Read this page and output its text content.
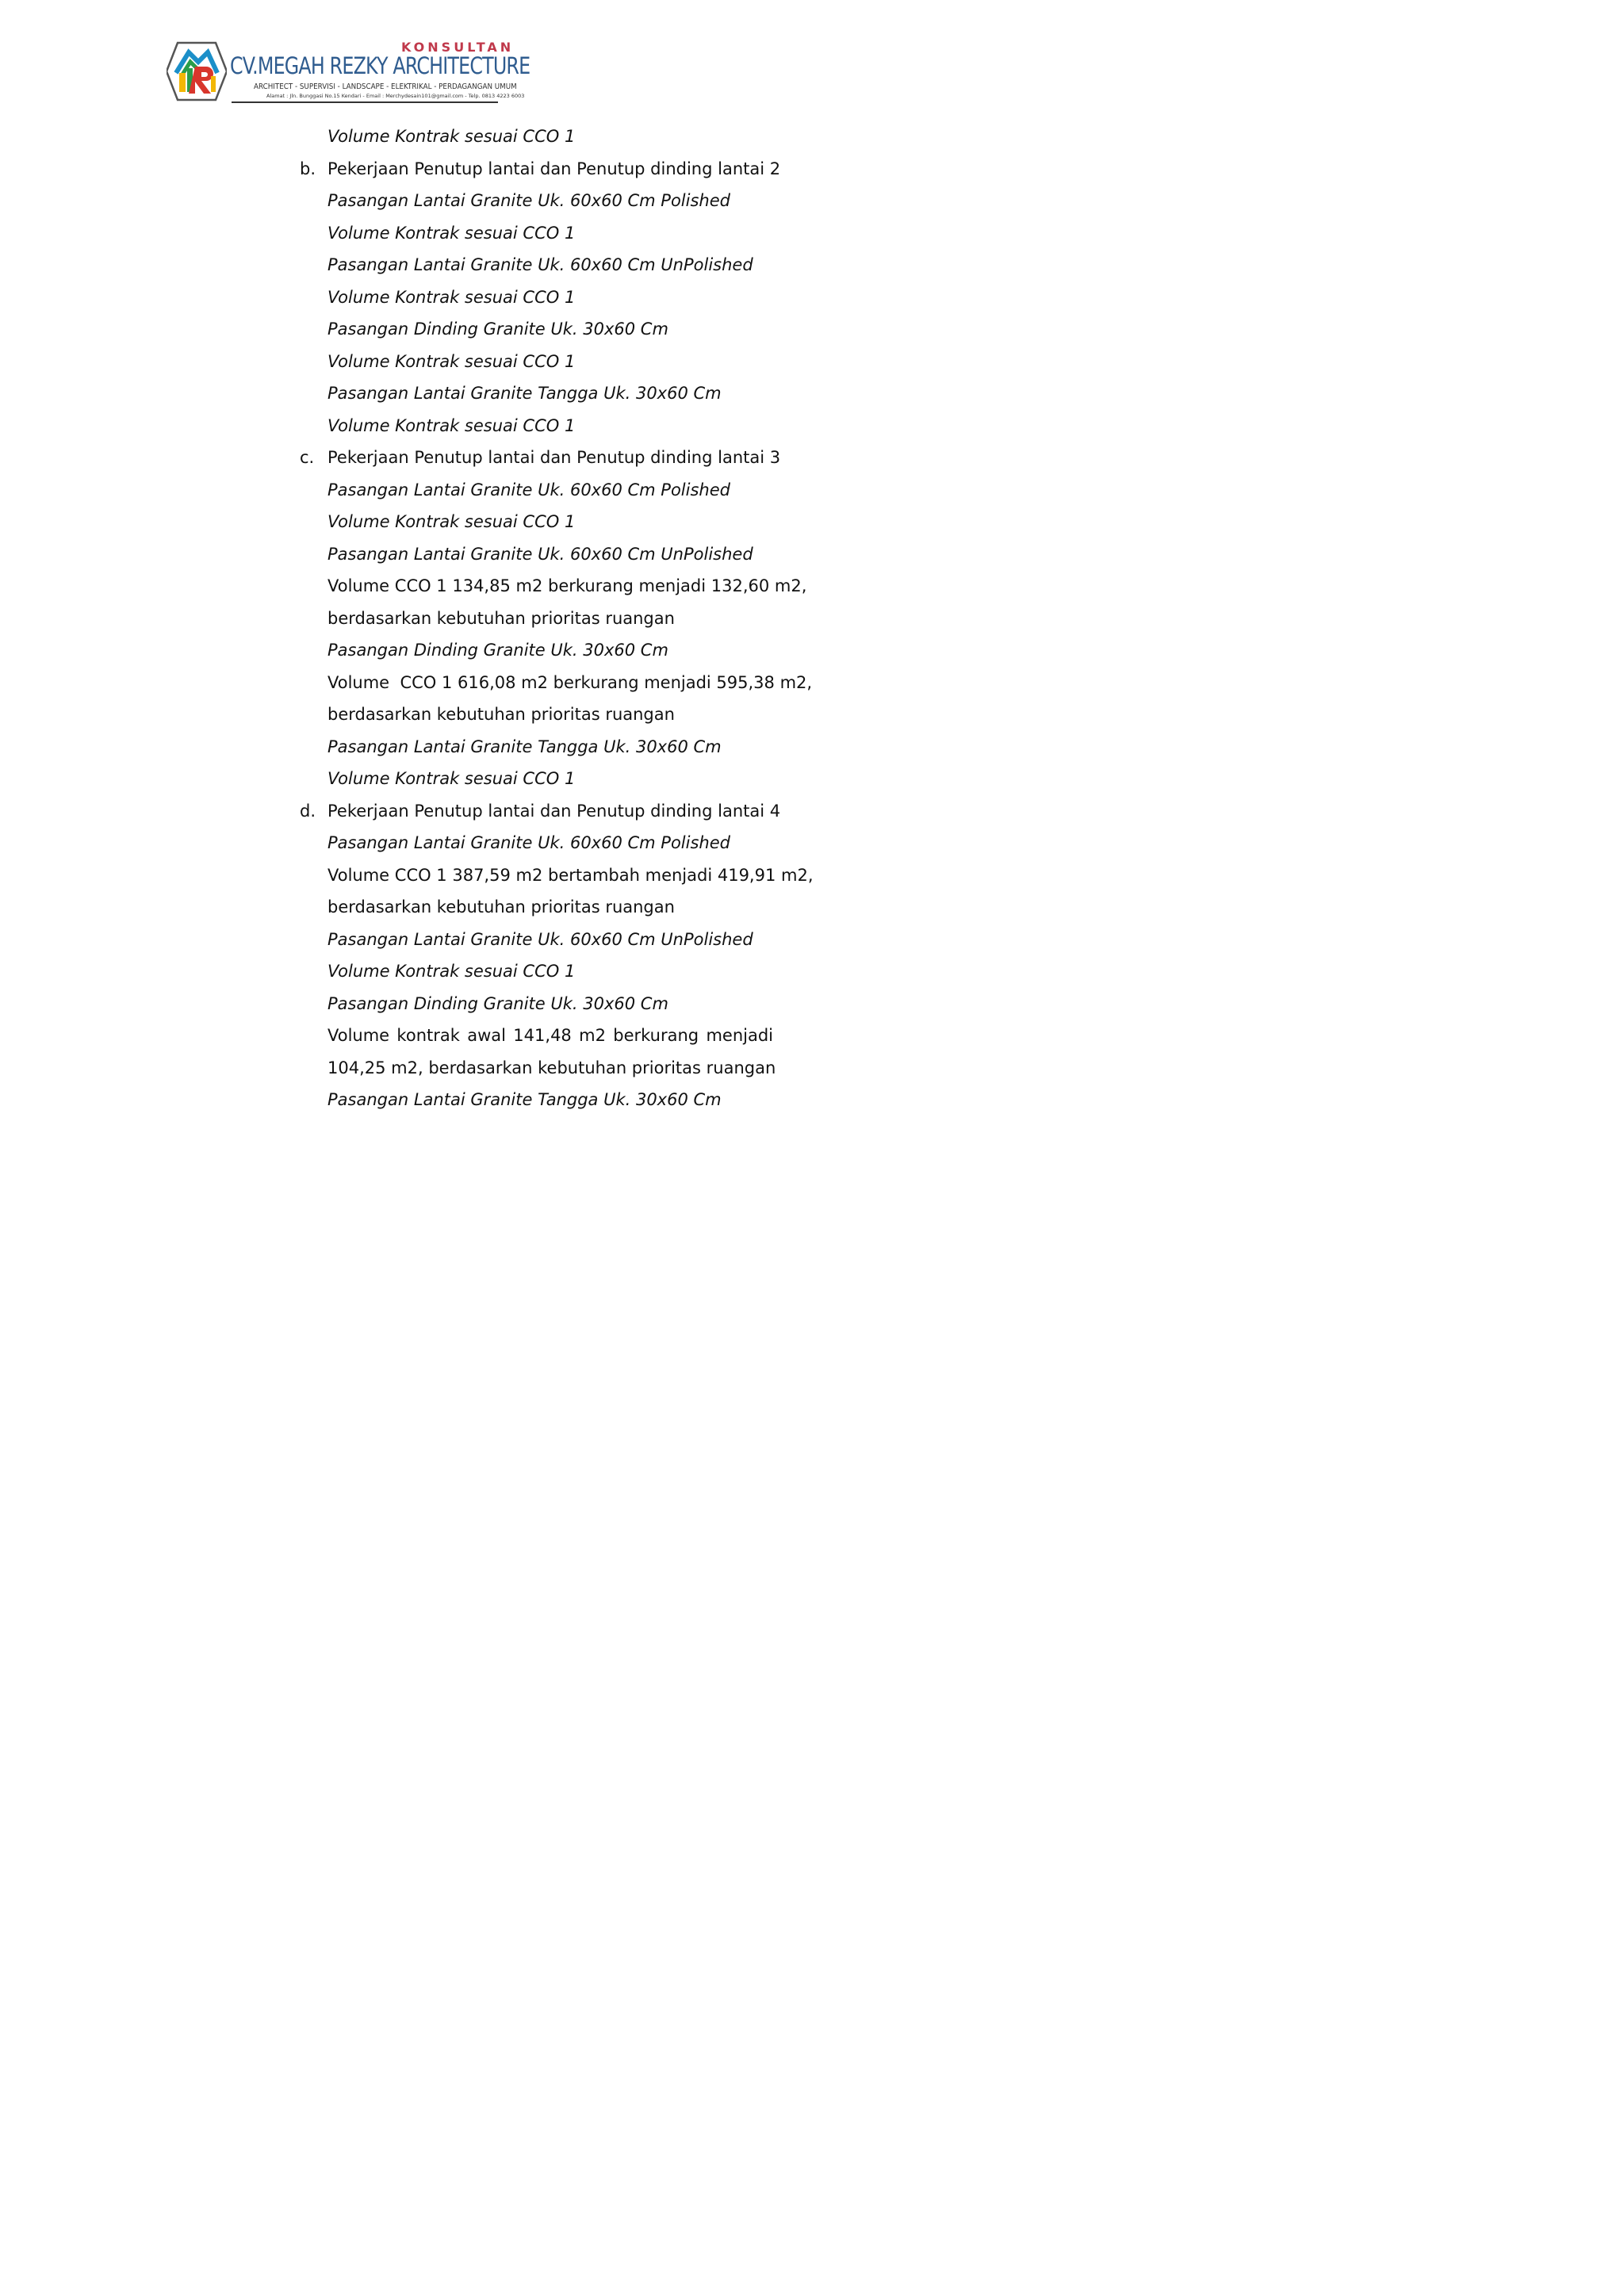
KONSULTAN
CV.MEGAH REZKY ARCHITECTURE
ARCHITECT - SUPERVISI - LANDSCAPE - ELEKTRIKAL - PERDAGANGAN UMUM
Alamat : Jln. Bunggasi No.15 Kendari - Email : Merchydesain101@gmail.com - Telp. 0813 4223 6003
Volume Kontrak sesuai CCO 1
b. Pekerjaan Penutup lantai dan Penutup dinding lantai 2
Pasangan Lantai Granite Uk. 60x60 Cm Polished
Volume Kontrak sesuai CCO 1
Pasangan Lantai Granite Uk. 60x60 Cm UnPolished
Volume Kontrak sesuai CCO 1
Pasangan Dinding Granite Uk. 30x60 Cm
Volume Kontrak sesuai CCO 1
Pasangan Lantai Granite Tangga Uk. 30x60 Cm
Volume Kontrak sesuai CCO 1
c. Pekerjaan Penutup lantai dan Penutup dinding lantai 3
Pasangan Lantai Granite Uk. 60x60 Cm Polished
Volume Kontrak sesuai CCO 1
Pasangan Lantai Granite Uk. 60x60 Cm UnPolished
Volume CCO 1 134,85 m2 berkurang menjadi 132,60 m2,
berdasarkan kebutuhan prioritas ruangan
Pasangan Dinding Granite Uk. 30x60 Cm
Volume  CCO 1 616,08 m2 berkurang menjadi 595,38 m2,
berdasarkan kebutuhan prioritas ruangan
Pasangan Lantai Granite Tangga Uk. 30x60 Cm
Volume Kontrak sesuai CCO 1
d. Pekerjaan Penutup lantai dan Penutup dinding lantai 4
Pasangan Lantai Granite Uk. 60x60 Cm Polished
Volume CCO 1 387,59 m2 bertambah menjadi 419,91 m2,
berdasarkan kebutuhan prioritas ruangan
Pasangan Lantai Granite Uk. 60x60 Cm UnPolished
Volume Kontrak sesuai CCO 1
Pasangan Dinding Granite Uk. 30x60 Cm
Volume kontrak awal 141,48 m2 berkurang menjadi
104,25 m2, berdasarkan kebutuhan prioritas ruangan
Pasangan Lantai Granite Tangga Uk. 30x60 Cm
